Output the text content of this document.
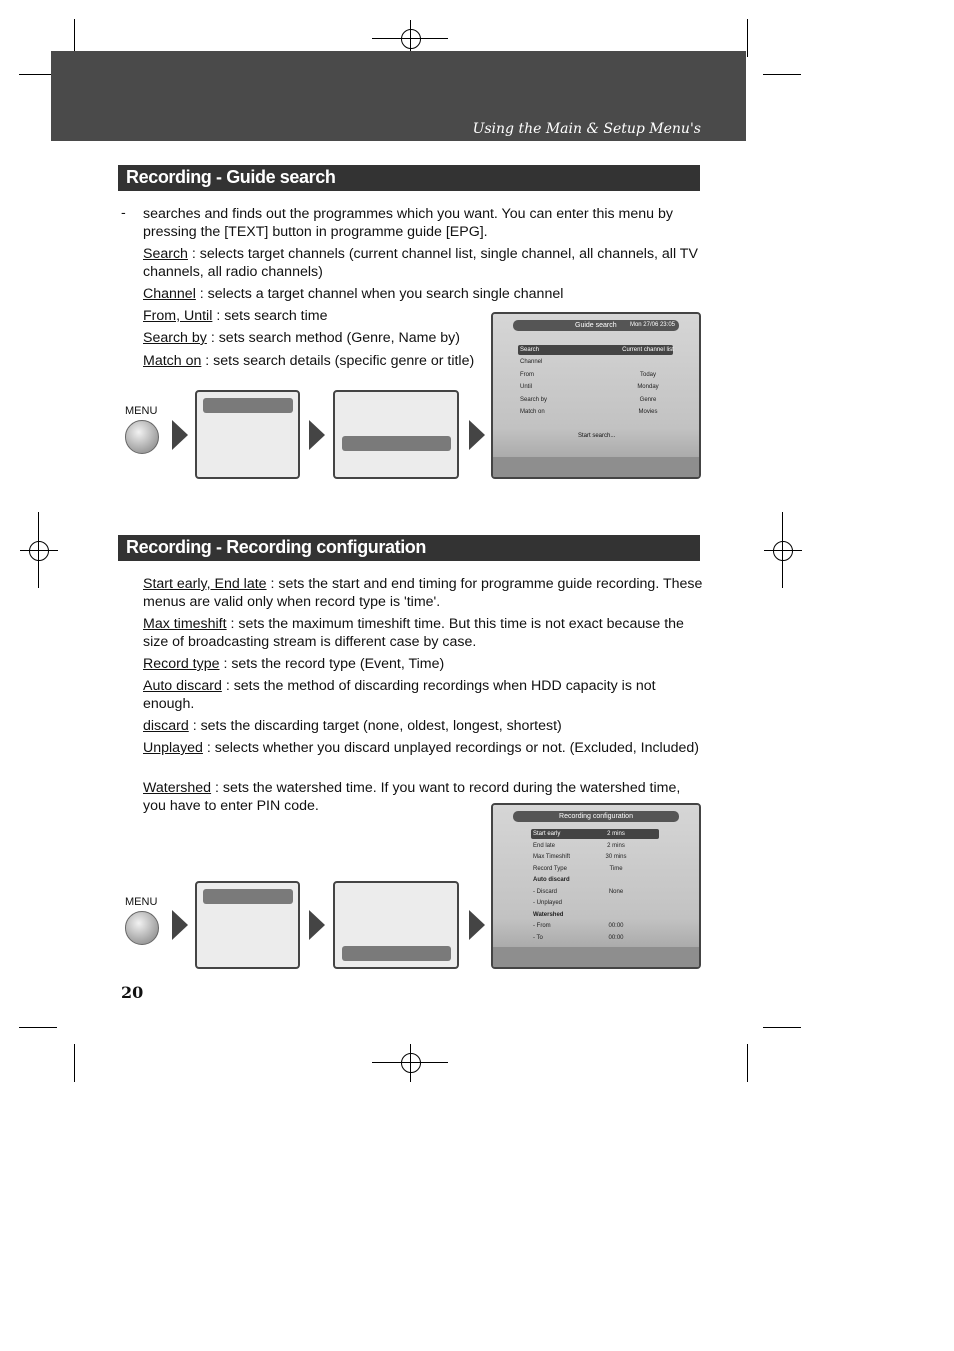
Using the Main & Setup Menu's
Recording - Guide search
- searches and finds out the programmes which you want. You can enter this menu by pressing the [TEXT] button in programme guide [EPG].
Search : selects target channels (current channel list, single channel, all channels, all TV channels, all radio channels)
Channel : selects a target channel when you search single channel
From, Until : sets search time
Search by : sets search method (Genre, Name by)
Match on : sets search details (specific genre or title)
MENU
Guide search Mon 27/06 23:05
Search	Current channel list
Channel
From	Today
Until	Monday
Search by	Genre
Match on	Movies
Start search...
Recording - Recording configuration
Start early, End late : sets the start and end timing for programme guide recording. These menus are valid only when record type is 'time'.
Max timeshift : sets the maximum timeshift time. But this time is not exact because the size of broadcasting stream is different case by case.
Record type : sets the record type (Event, Time)
Auto discard : sets the method of discarding recordings when HDD capacity is not enough.
discard : sets the discarding target (none, oldest, longest, shortest)
Unplayed : selects whether you discard unplayed recordings or not. (Excluded, Included)
Watershed : sets the watershed time. If you want to record during the watershed time, you have to enter PIN code.
MENU
Recording configuration
Start early	2 mins
End late	2 mins
Max Timeshift	30 mins
Record Type	Time
Auto discard
- Discard	None
- Unplayed
Watershed
- From	00:00
- To	00:00
20
